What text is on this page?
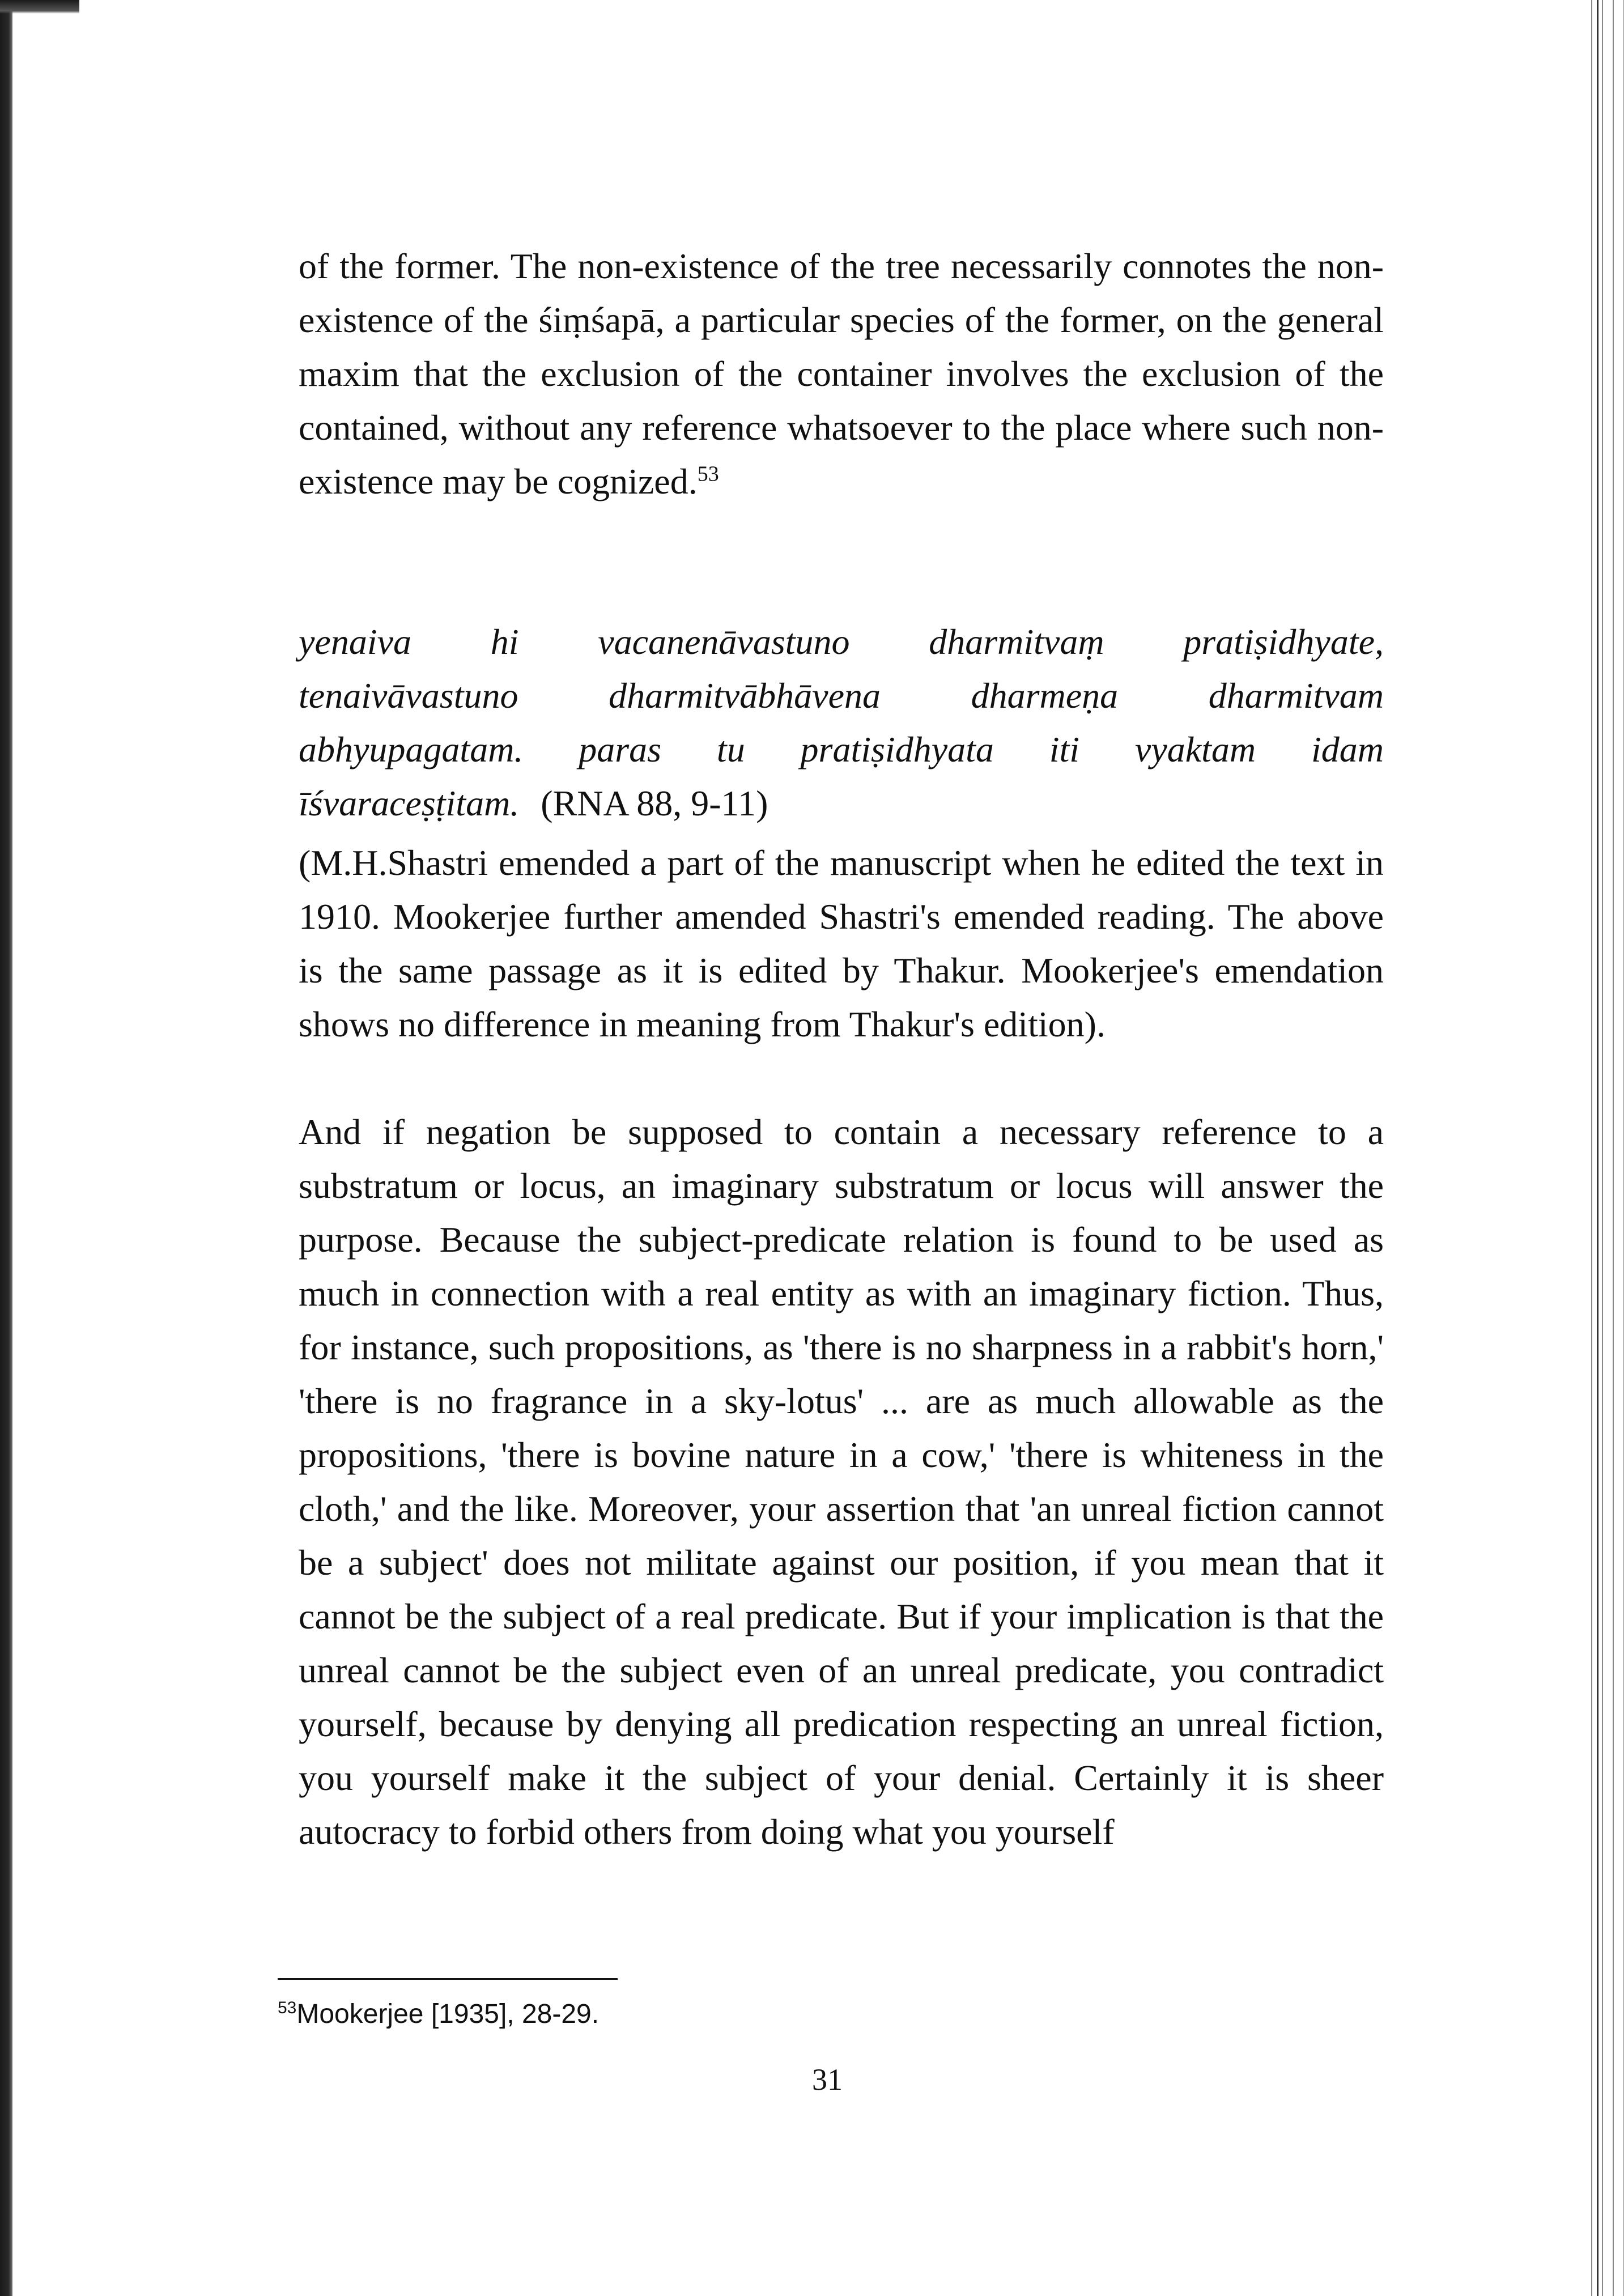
of the former. The non-existence of the tree necessarily connotes the non-existence of the śiṃśapā, a particular species of the former, on the general maxim that the exclusion of the container involves the exclusion of the contained, without any reference whatsoever to the place where such non-existence may be cognized.$^{53}$
yenaiva hi vacanenāvastuno dharmitvaṃ pratiṣidhyate, tenaivāvastuno dharmitvābhāvena dharmeṇa dharmitvam abhyupagatam. paras tu pratiṣidhyata iti vyaktam idam īśvaraceṣṭitam. (RNA 88, 9-11)
(M.H.Shastri emended a part of the manuscript when he edited the text in 1910. Mookerjee further amended Shastri's emended reading. The above is the same passage as it is edited by Thakur. Mookerjee's emendation shows no difference in meaning from Thakur's edition).
And if negation be supposed to contain a necessary reference to a substratum or locus, an imaginary substratum or locus will answer the purpose. Because the subject-predicate relation is found to be used as much in connection with a real entity as with an imaginary fiction. Thus, for instance, such propositions, as 'there is no sharpness in a rabbit's horn,' 'there is no fragrance in a sky-lotus' ... are as much allowable as the propositions, 'there is bovine nature in a cow,' 'there is whiteness in the cloth,' and the like. Moreover, your assertion that 'an unreal fiction cannot be a subject' does not militate against our position, if you mean that it cannot be the subject of a real predicate. But if your implication is that the unreal cannot be the subject even of an unreal predicate, you contradict yourself, because by denying all predication respecting an unreal fiction, you yourself make it the subject of your denial. Certainly it is sheer autocracy to forbid others from doing what you yourself
$^{53}$Mookerjee [1935], 28-29.
31
